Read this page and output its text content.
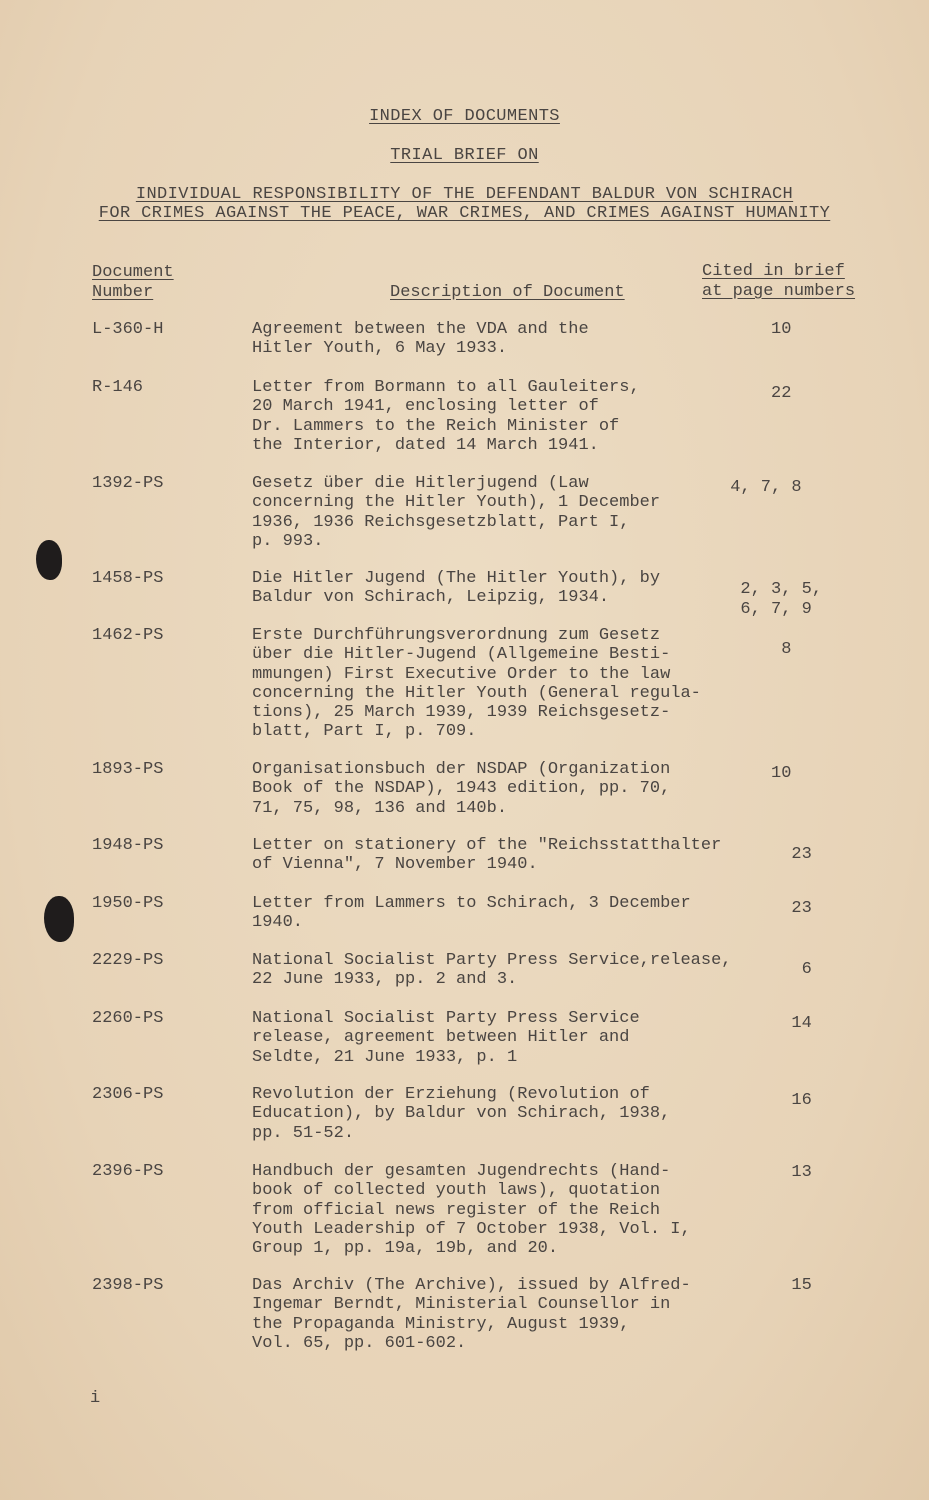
INDEX OF DOCUMENTS
TRIAL BRIEF ON
INDIVIDUAL RESPONSIBILITY OF THE DEFENDANT BALDUR VON SCHIRACH
FOR CRIMES AGAINST THE PEACE, WAR CRIMES, AND CRIMES AGAINST HUMANITY
Document
Number	Description of Document
Cited in brief
at page numbers
L-360-H	Agreement between the VDA and the
Hitler Youth, 6 May 1933.
10
R-146	Letter from Bormann to all Gauleiters,
20 March 1941, enclosing letter of
Dr. Lammers to the Reich Minister of
the Interior, dated 14 March 1941.
22
1392-PS	Gesetz über die Hitlerjugend (Law
concerning the Hitler Youth), 1 December
1936, 1936 Reichsgesetzblatt, Part I,
p. 993.
4, 7, 8
1458-PS	Die Hitler Jugend (The Hitler Youth), by
Baldur von Schirach, Leipzig, 1934.	
2, 3, 5,
6, 7, 9
1462-PS	Erste Durchführungsverordnung zum Gesetz
über die Hitler-Jugend (Allgemeine Besti-
mmungen) First Executive Order to the law
concerning the Hitler Youth (General regula-
tions), 25 March 1939, 1939 Reichsgesetz-
blatt, Part I, p. 709.
8
1893-PS	Organisationsbuch der NSDAP (Organization
Book of the NSDAP), 1943 edition, pp. 70,
71, 75, 98, 136 and 140b.
10
1948-PS	Letter on stationery of the "Reichsstatthalter
of Vienna", 7 November 1940.
23
1950-PS	Letter from Lammers to Schirach, 3 December
1940.
23
2229-PS	National Socialist Party Press Service,release,
22 June 1933, pp. 2 and 3.
6
2260-PS	National Socialist Party Press Service
release, agreement between Hitler and
Seldte, 21 June 1933, p. 1
14
2306-PS	Revolution der Erziehung (Revolution of
Education), by Baldur von Schirach, 1938,
pp. 51-52.
16
2396-PS	Handbuch der gesamten Jugendrechts (Hand-
book of collected youth laws), quotation
from official news register of the Reich
Youth Leadership of 7 October 1938, Vol. I,
Group 1, pp. 19a, 19b, and 20.
13
2398-PS	Das Archiv (The Archive), issued by Alfred-
Ingemar Berndt, Ministerial Counsellor in
the Propaganda Ministry, August 1939,
Vol. 65, pp. 601-602.
15
i
